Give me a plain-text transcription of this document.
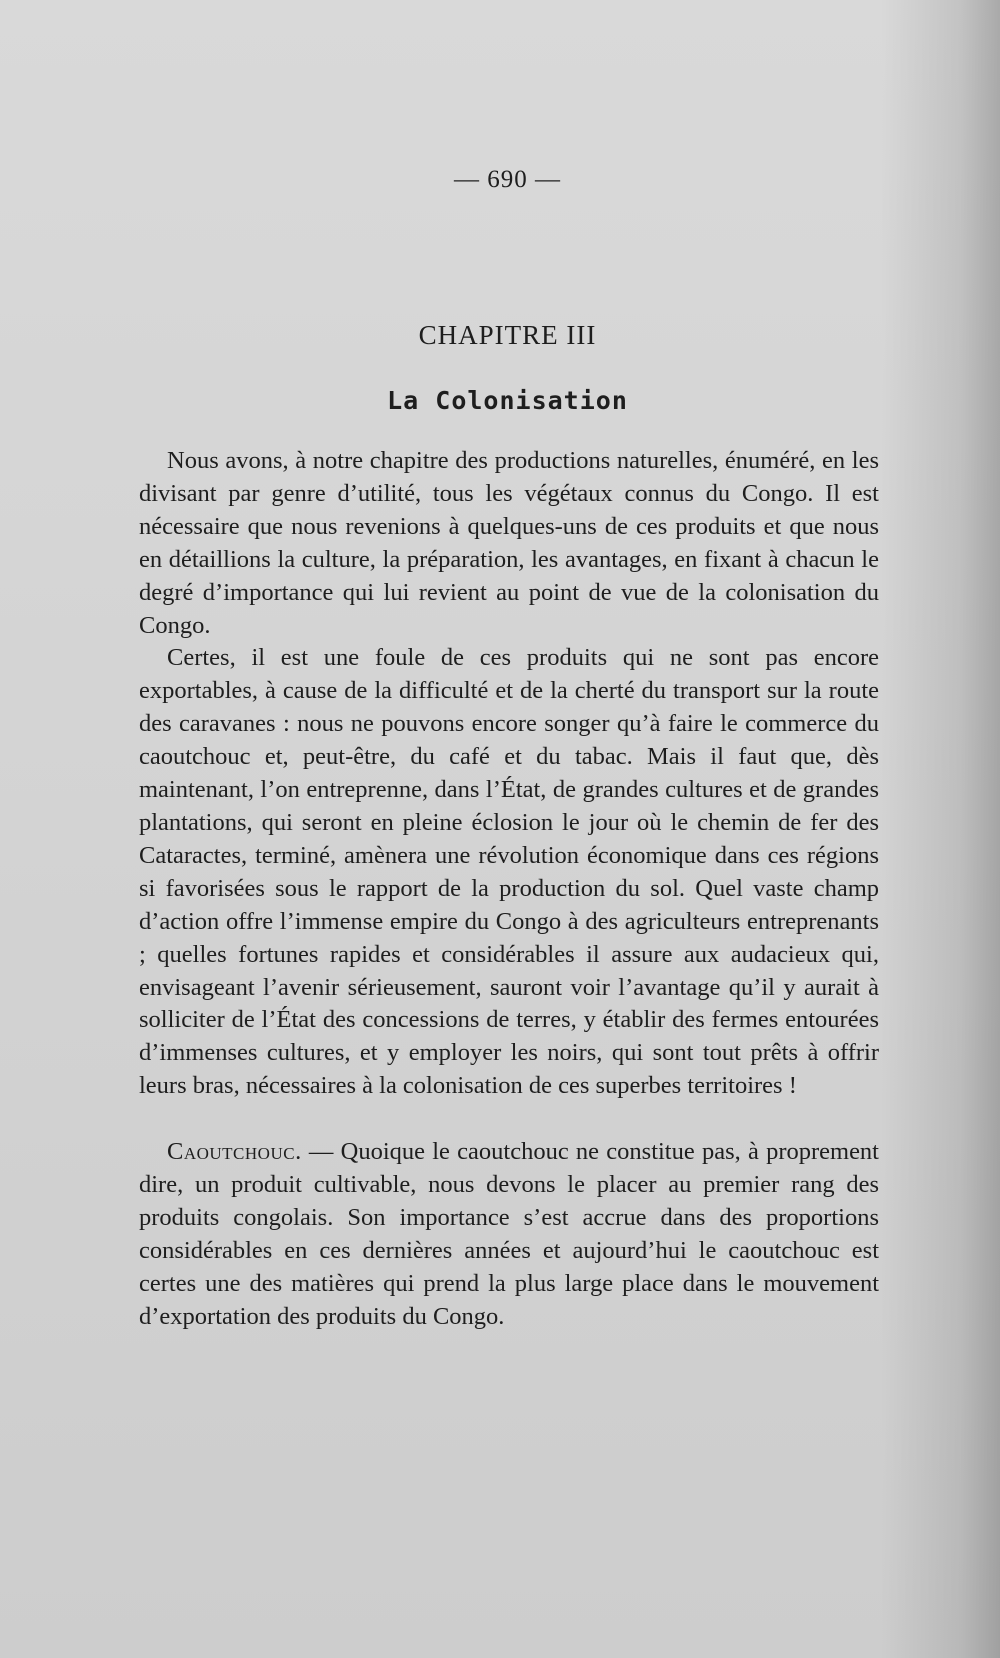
— 690 —
CHAPITRE III
La Colonisation

Nous avons, à notre chapitre des productions naturelles, énuméré, en les divisant par genre d’utilité, tous les végétaux connus du Congo. Il est nécessaire que nous revenions à quelques-uns de ces produits et que nous en détaillions la culture, la préparation, les avantages, en fixant à chacun le degré d’importance qui lui revient au point de vue de la colonisation du Congo.

Certes, il est une foule de ces produits qui ne sont pas encore exportables, à cause de la difficulté et de la cherté du transport sur la route des caravanes : nous ne pouvons encore songer qu’à faire le commerce du caoutchouc et, peut-être, du café et du tabac. Mais il faut que, dès maintenant, l’on entreprenne, dans l’État, de grandes cultures et de grandes plantations, qui seront en pleine éclosion le jour où le chemin de fer des Cataractes, terminé, amènera une révolution économique dans ces régions si favorisées sous le rapport de la production du sol. Quel vaste champ d’action offre l’immense empire du Congo à des agriculteurs entreprenants ; quelles fortunes rapides et considérables il assure aux audacieux qui, envisageant l’avenir sérieusement, sauront voir l’avantage qu’il y aurait à solliciter de l’État des concessions de terres, y établir des fermes entourées d’immenses cultures, et y employer les noirs, qui sont tout prêts à offrir leurs bras, nécessaires à la colonisation de ces superbes territoires !

Caoutchouc. — Quoique le caoutchouc ne constitue pas, à proprement dire, un produit cultivable, nous devons le placer au premier rang des produits congolais. Son importance s’est accrue dans des proportions considérables en ces dernières années et aujourd’hui le caoutchouc est certes une des matières qui prend la plus large place dans le mouvement d’exportation des produits du Congo.
